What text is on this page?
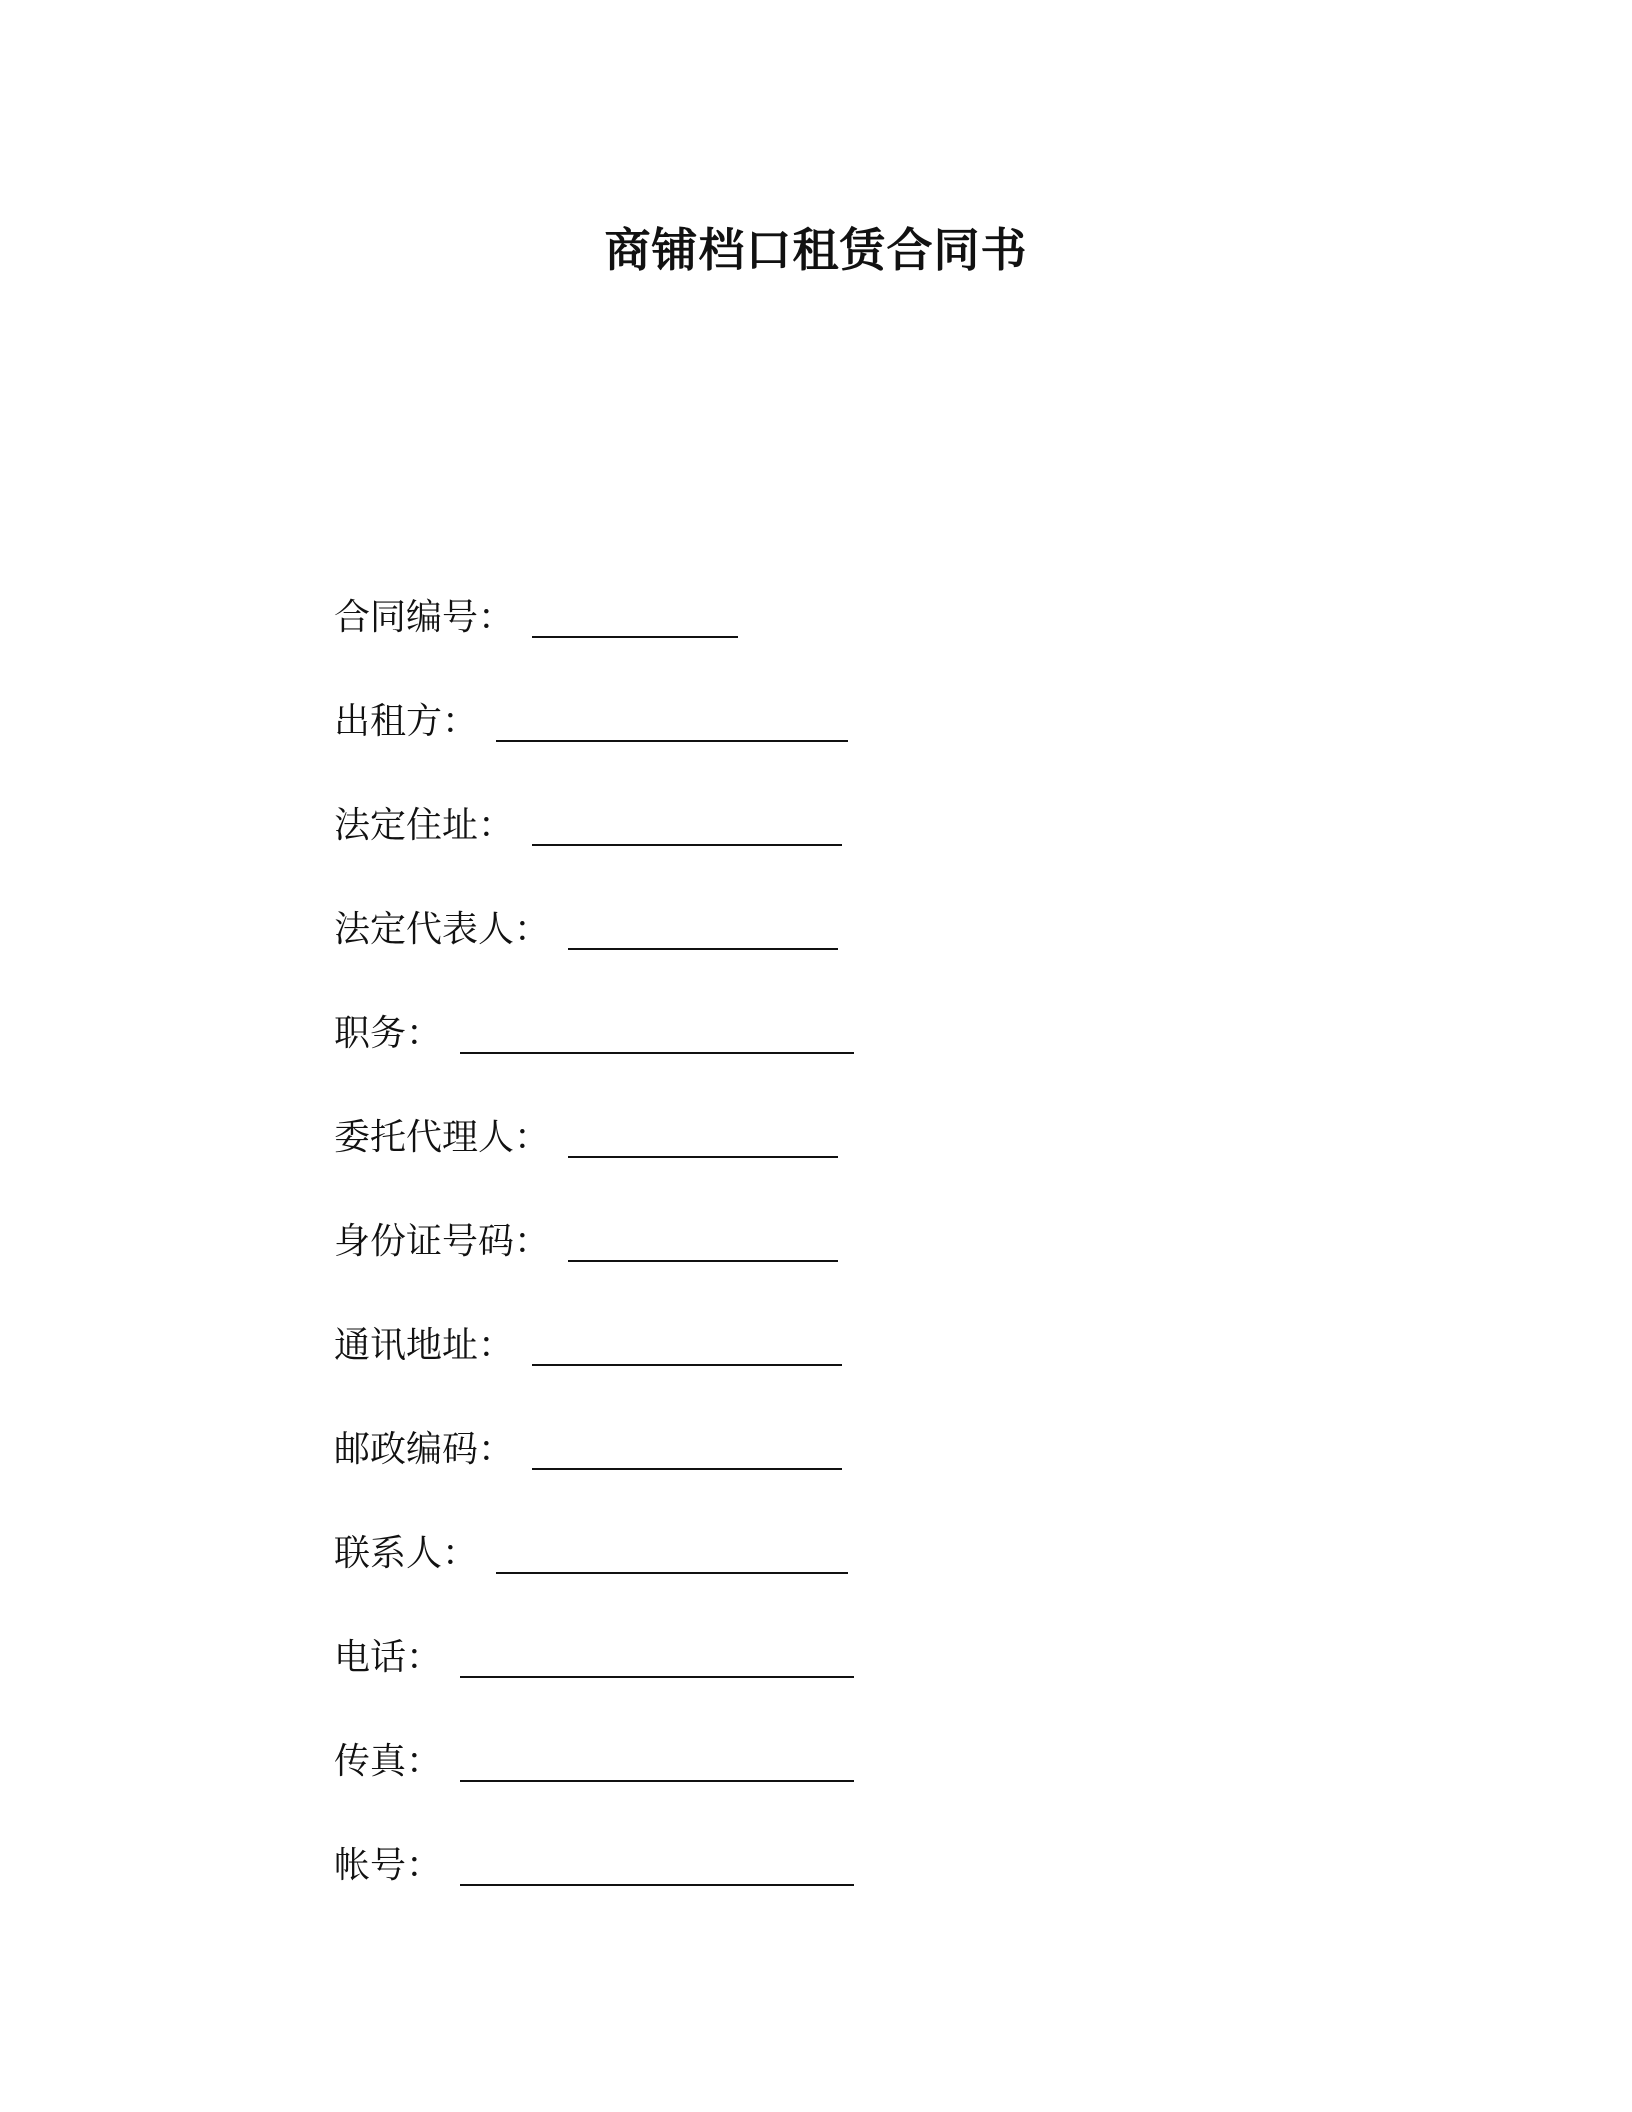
商铺档口租赁合同书
合同编号 ：
出租方 ：
法定住址 ：
法定代表人 ：
职务 ：
委托代理人 ：
身份证号码 ：
通讯地址 ：
邮政编码 ：
联系人 ：
电话 ：
传真 ：
帐号 ：
